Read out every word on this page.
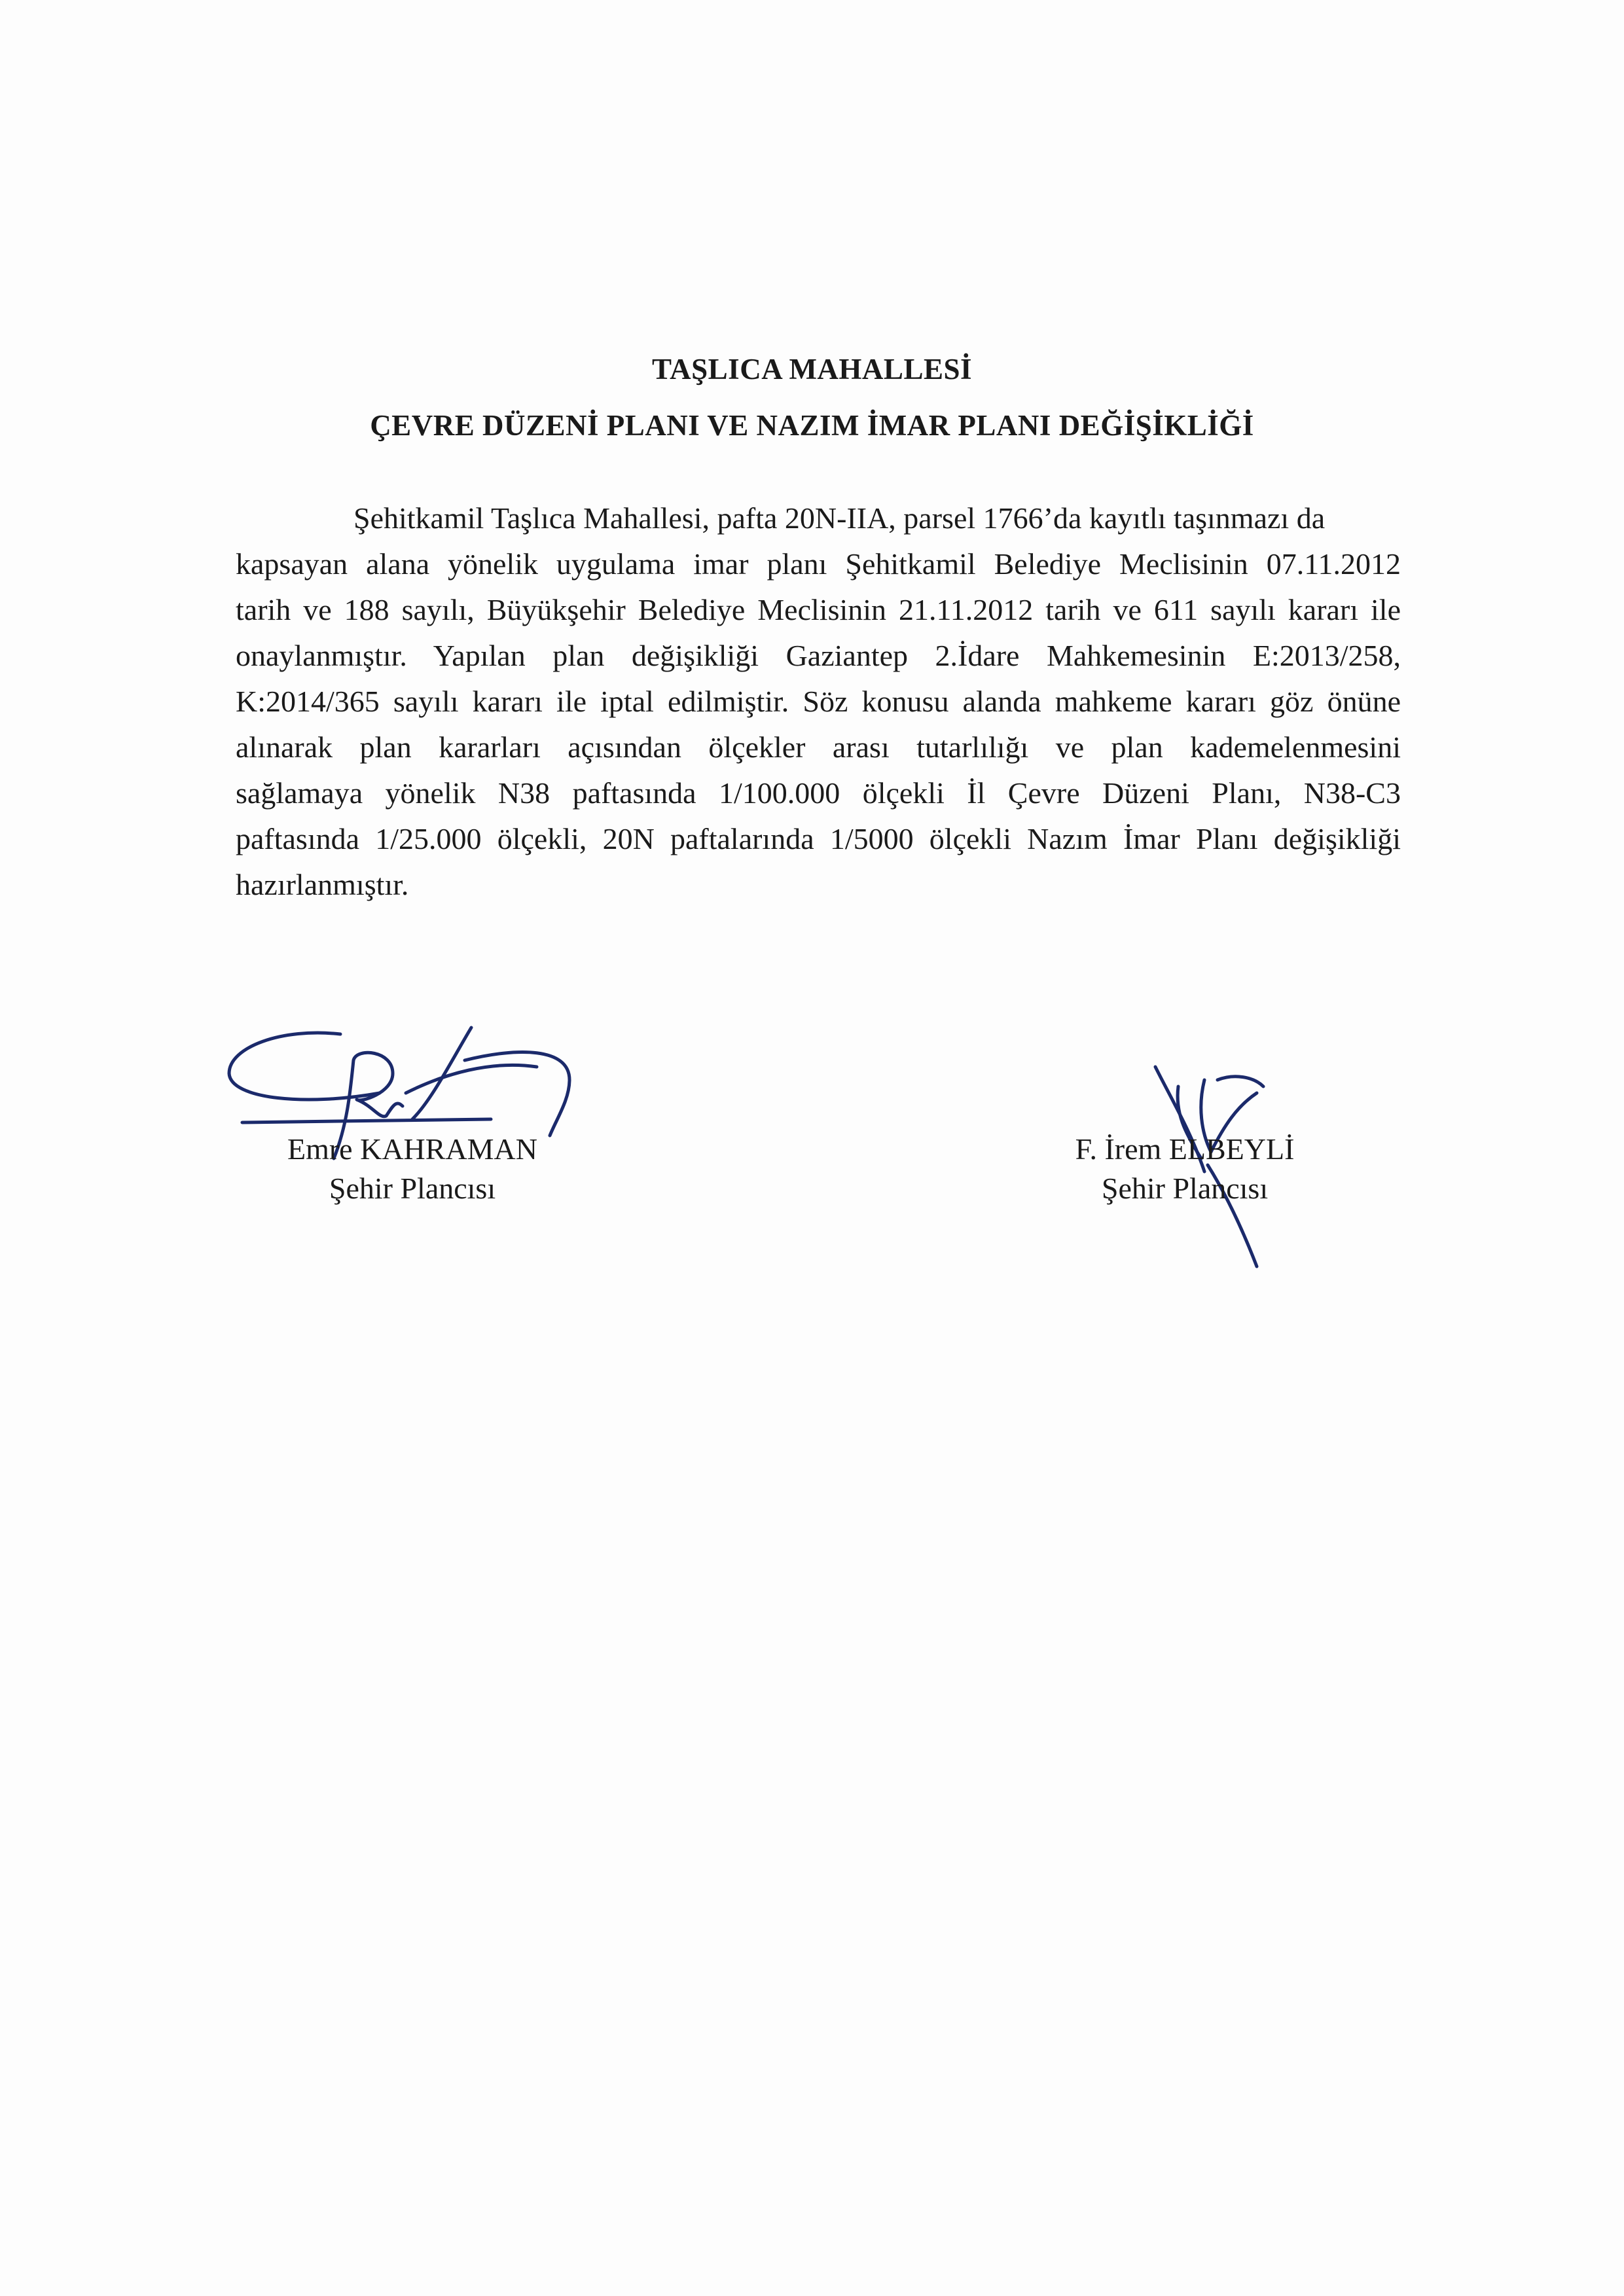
TAŞLICA MAHALLESİ
ÇEVRE DÜZENİ PLANI VE NAZIM İMAR PLANI DEĞİŞİKLİĞİ
Şehitkamil Taşlıca Mahallesi, pafta 20N-IIA, parsel 1766’da kayıtlı taşınmazı da
kapsayan alana yönelik uygulama imar planı Şehitkamil Belediye Meclisinin 07.11.2012
tarih ve 188 sayılı, Büyükşehir Belediye Meclisinin 21.11.2012 tarih ve 611 sayılı kararı ile
onaylanmıştır. Yapılan plan değişikliği Gaziantep 2.İdare Mahkemesinin E:2013/258,
K:2014/365 sayılı kararı ile iptal edilmiştir. Söz konusu alanda mahkeme kararı göz önüne
alınarak plan kararları açısından ölçekler arası tutarlılığı ve plan kademelenmesini
sağlamaya yönelik N38 paftasında 1/100.000 ölçekli İl Çevre Düzeni Planı, N38-C3
paftasında 1/25.000 ölçekli, 20N paftalarında 1/5000 ölçekli Nazım İmar Planı değişikliği
hazırlanmıştır.
Emre KAHRAMAN
Şehir Plancısı
F. İrem ELBEYLİ
Şehir Plancısı
